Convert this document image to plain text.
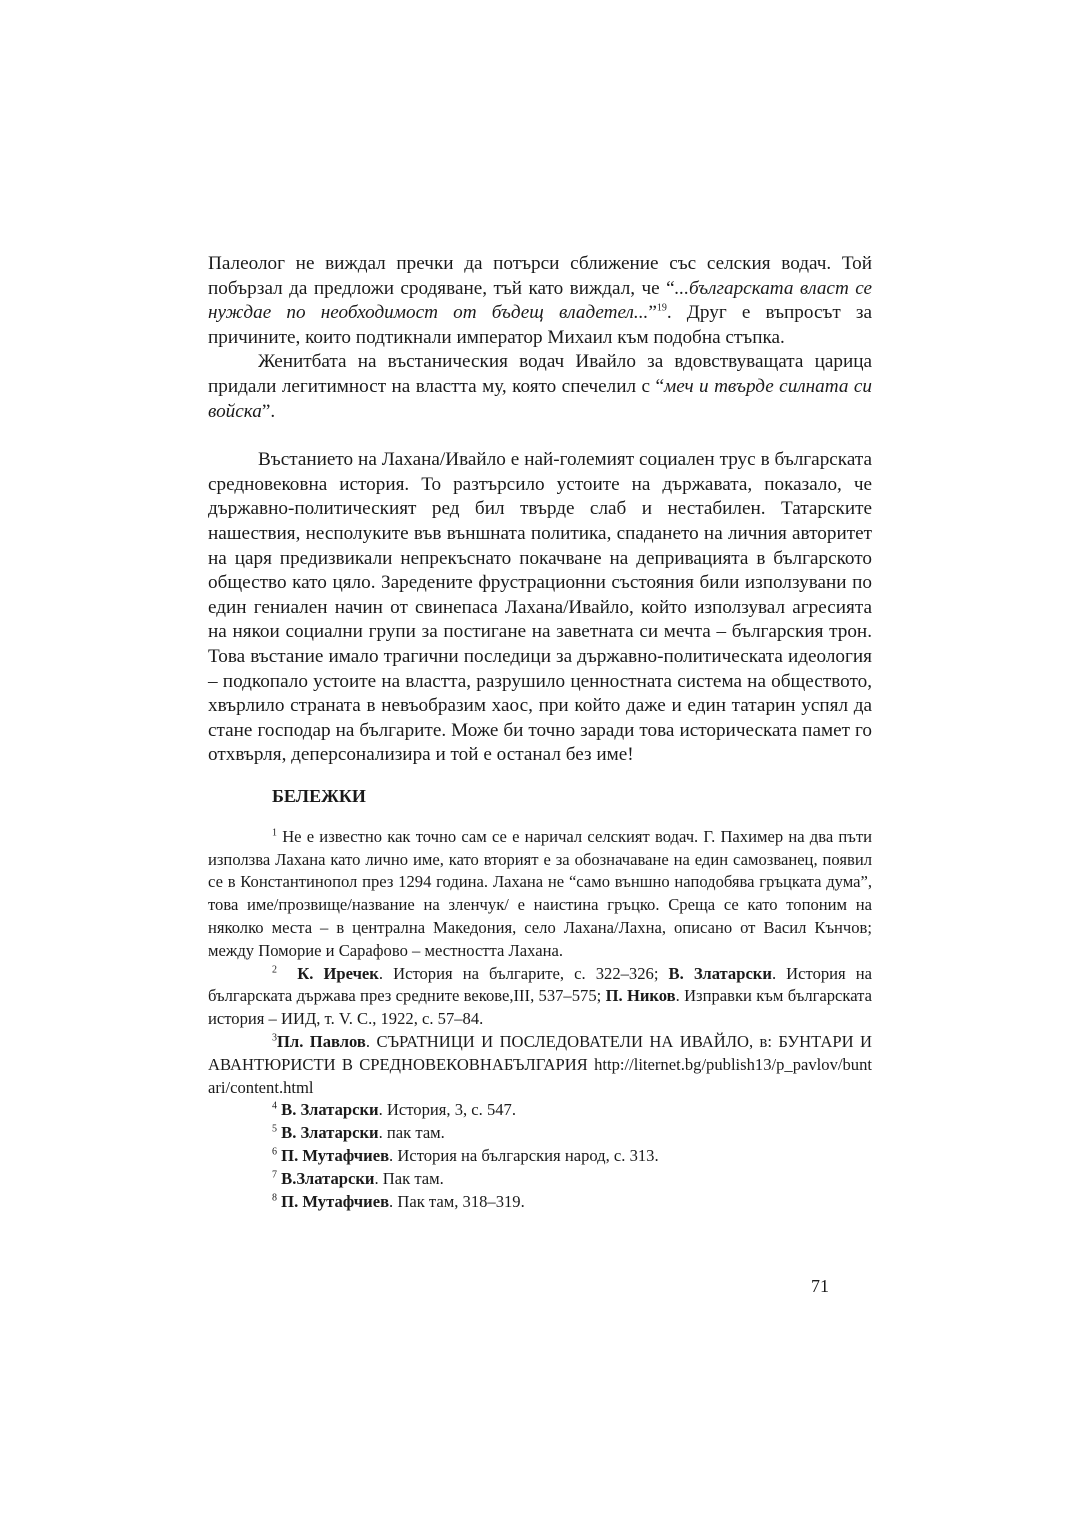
Палеолог не виждал пречки да потърси сближение със селския водач. Той побързал да предложи сродяване, тъй като виждал, че “...българската власт се нуждае по необходимост от бъдещ владетел...”$^{19}$. Друг е въпросът за причините, които подтикнали император Михаил към подобна стъпка.

Женитбата на въстаническия водач Ивайло за вдовствуващата царица придали легитимност на властта му, която спечелил с “меч и твърде силната си войска”.

Въстанието на Лахана/Ивайло е най-големият социален трус в българската средновековна история. То разтърсило устоите на държавата, показало, че държавно-политическият ред бил твърде слаб и нестабилен. Татарските нашествия, несполуките във външната политика, спадането на личния авторитет на царя предизвикали непрекъснато покачване на депривацията в българското общество като цяло. Заредените фрустрационни състояния били използувани по един гениален начин от свинепаса Лахана/Ивайло, който използувал агресията на някои социални групи за постигане на заветната си мечта – българския трон. Това въстание имало трагични последици за държавно-политическата идеология – подкопало устоите на властта, разрушило ценностната система на обществото, хвърлило страната в невъобразим хаос, при който даже и един татарин успял да стане господар на българите. Може би точно заради това историческата памет го отхвърля, деперсонализира и той е останал без име!

БЕЛЕЖКИ

$^1$ Не е известно как точно сам се е наричал селският водач. Г. Пахимер на два пъти използва Лахана като лично име, като вторият е за обозначаване на един самозванец, появил се в Константинопол през 1294 година. Лахана не “само външно наподобява гръцката дума”, това име/прозвище/название на зленчук/ е наистина гръцко. Среща се като топоним на няколко места – в централна Македония, село Лахана/Лахна, описано от Васил Кънчов; между Поморие и Сарафово – местността Лахана.

$^2$ К. Иречек. История на българите, с. 322–326; В. Златарски. История на българската държава през средните векове,III, 537–575; П. Ников. Изправки към българската история – ИИД, т. V. С., 1922, с. 57–84.

$^3$Пл. Павлов. СЪРАТНИЦИ И ПОСЛЕДОВАТЕЛИ НА ИВАЙЛО, в: БУНТАРИ И АВАНТЮРИСТИ В СРЕДНОВЕКОВНАБЪЛГАРИЯ http://liternet.bg/publish13/p_pavlov/buntari/content.html

$^4$ В. Златарски. История, 3, с. 547.

$^5$ В. Златарски. пак там.

$^6$ П. Мутафчиев. История на българския народ, с. 313.

$^7$ В.Златарски. Пак там.

$^8$ П. Мутафчиев. Пак там, 318–319.

71
